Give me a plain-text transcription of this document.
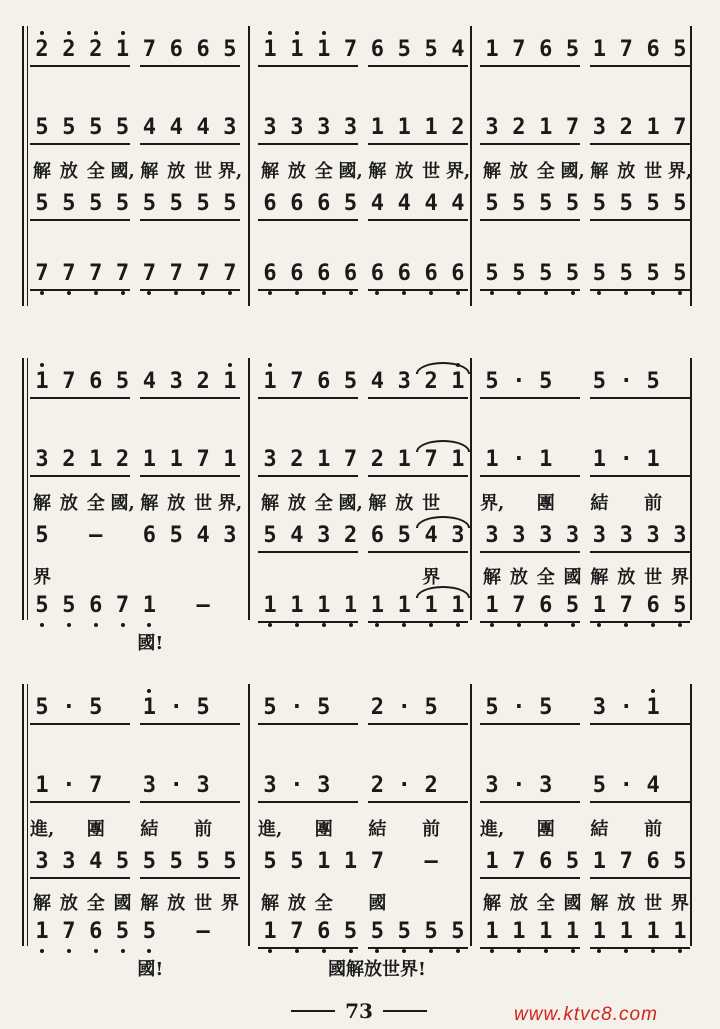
2 2 2 1 7 6 6 5
5 5 5 5 4 4 4 3
解 放 全 國, 解 放 世 界,
5 5 5 5 5 5 5 5
7 7 7 7 7 7 7 7
1 1 1 7 6 5 5 4
3 3 3 3 1 1 1 2
解 放 全 國, 解 放 世 界,
6 6 6 5 4 4 4 4
6 6 6 6 6 6 6 6
1 7 6 5 1 7 6 5
3 2 1 7 3 2 1 7
解 放 全 國, 解 放 世 界,
5 5 5 5 5 5 5 5
5 5 5 5 5 5 5 5
1 7 6 5 4 3 2 1
3 2 1 2 1 1 7 1
解 放 全 國, 解 放 世 界,
5 — 6 5 4 3
界
5 5 6 7 1 —
國!
1 7 6 5 4 3 2 1
3 2 1 7 2 1 7 1
解 放 全 國, 解 放 世
5 4 3 2 6 5 4 3
界
1 1 1 1 1 1 1 1
5 · 5 5 · 5
1 · 1 1 · 1
界, 團 結 前
3 3 3 3 3 3 3 3
解 放 全 國 解 放 世 界
1 7 6 5 1 7 6 5
5 · 5 1 · 5
1 · 7 3 · 3
進, 團 結 前
3 3 4 5 5 5 5 5
解 放 全 國 解 放 世 界
1 7 6 5 5 —
國!
5 · 5 2 · 5
3 · 3 2 · 2
進, 團 結 前
5 5 1 1 7 —
解 放 全 國
1 7 6 5 5 5 5 5
國解放世界!
5 · 5 3 · 1
3 · 3 5 · 4
進, 團 結 前
1 7 6 5 1 7 6 5
解 放 全 國 解 放 世 界
1 1 1 1 1 1 1 1
73	www.ktvc8.com
